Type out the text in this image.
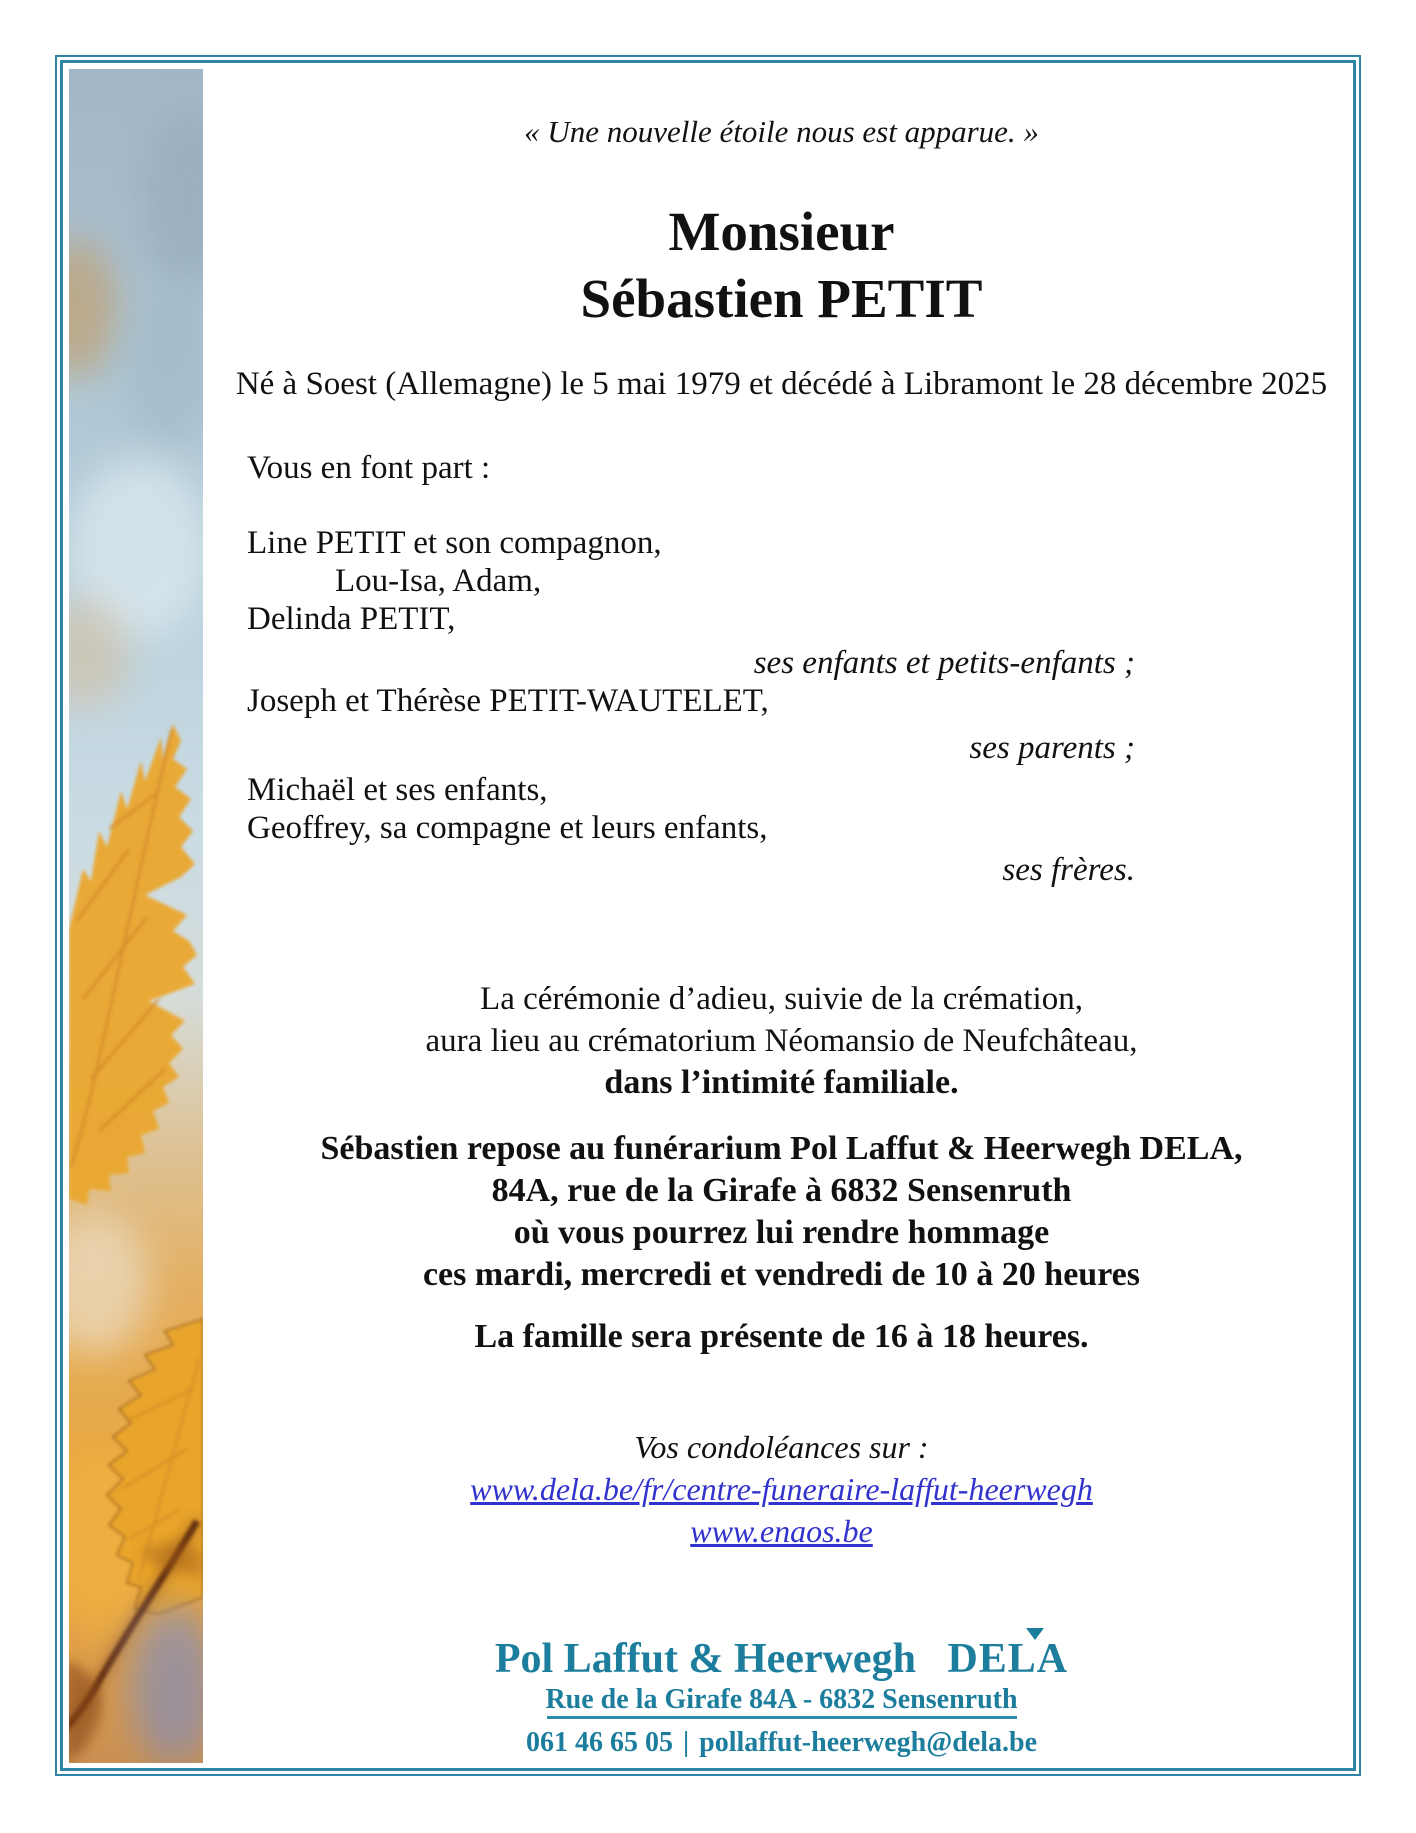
« Une nouvelle étoile nous est apparue. »
Monsieur
Sébastien PETIT
Né à Soest (Allemagne) le 5 mai 1979 et décédé à Libramont le 28 décembre 2025
Vous en font part :
Line PETIT et son compagnon,
Lou-Isa, Adam,
Delinda PETIT,
ses enfants et petits-enfants ;
Joseph et Thérèse PETIT-WAUTELET,
ses parents ;
Michaël et ses enfants,
Geoffrey, sa compagne et leurs enfants,
ses frères.
La cérémonie d’adieu, suivie de la crémation,
aura lieu au crématorium Néomansio de Neufchâteau,
dans l’intimité familiale.
Sébastien repose au funérarium Pol Laffut & Heerwegh DELA,
84A, rue de la Girafe à 6832 Sensenruth
où vous pourrez lui rendre hommage
ces mardi, mercredi et vendredi de 10 à 20 heures
La famille sera présente de 16 à 18 heures.
Vos condoléances sur :
www.dela.be/fr/centre-funeraire-laffut-heerwegh
www.enaos.be
Pol Laffut & Heerwegh DELA
Rue de la Girafe 84A - 6832 Sensenruth
061 46 65 05 | pollaffut-heerwegh@dela.be
